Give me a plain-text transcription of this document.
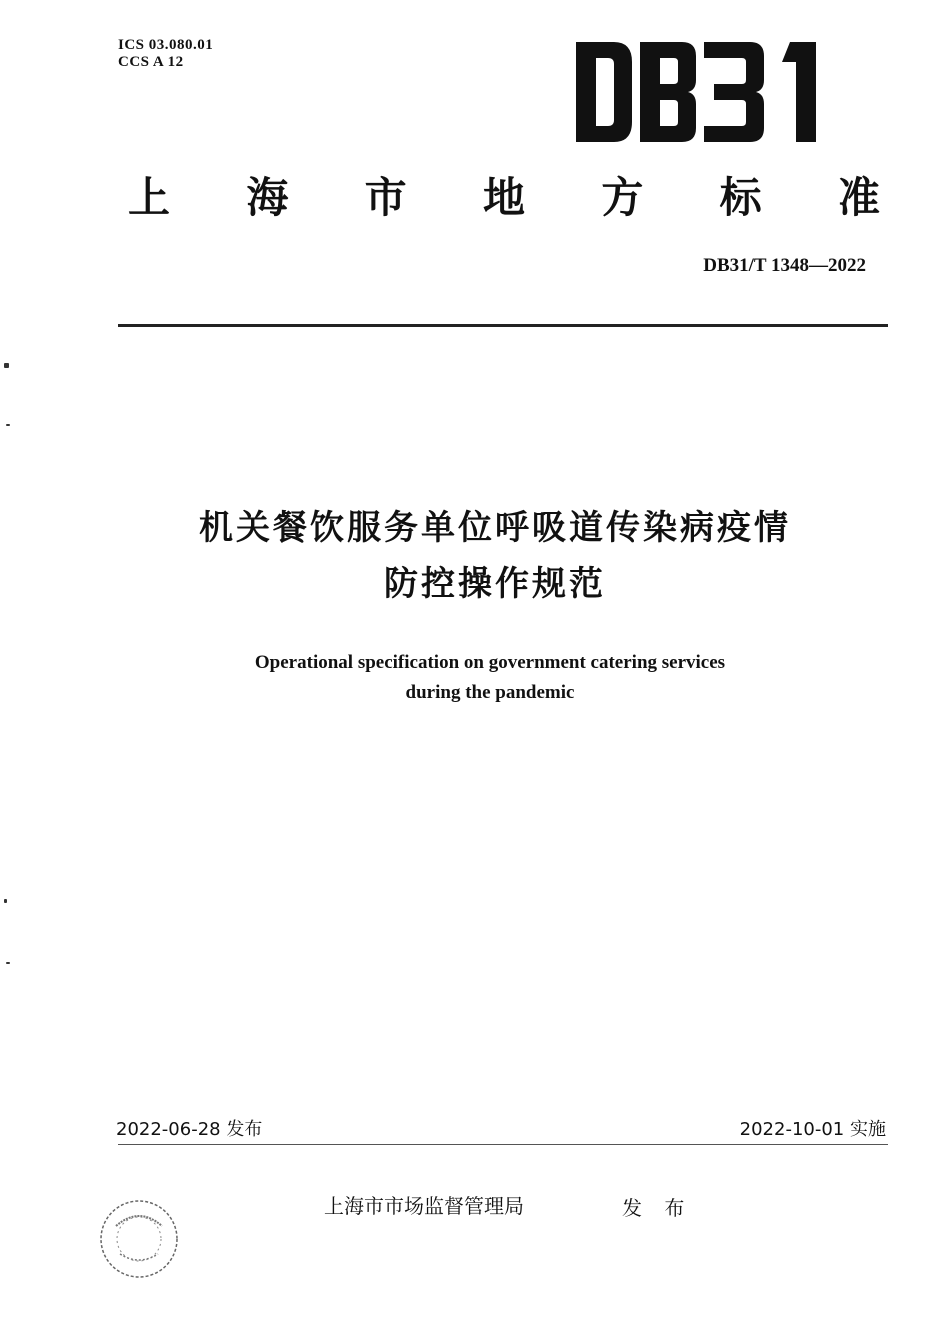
ICS 03.080.01
CCS A 12
上 海 市 地 方 标 准
DB31/T 1348—2022
机关餐饮服务单位呼吸道传染病疫情
防控操作规范
Operational specification on government catering services
during the pandemic
2022-06-28 发布	2022-10-01 实施
上海市市场监督管理局	发 布
